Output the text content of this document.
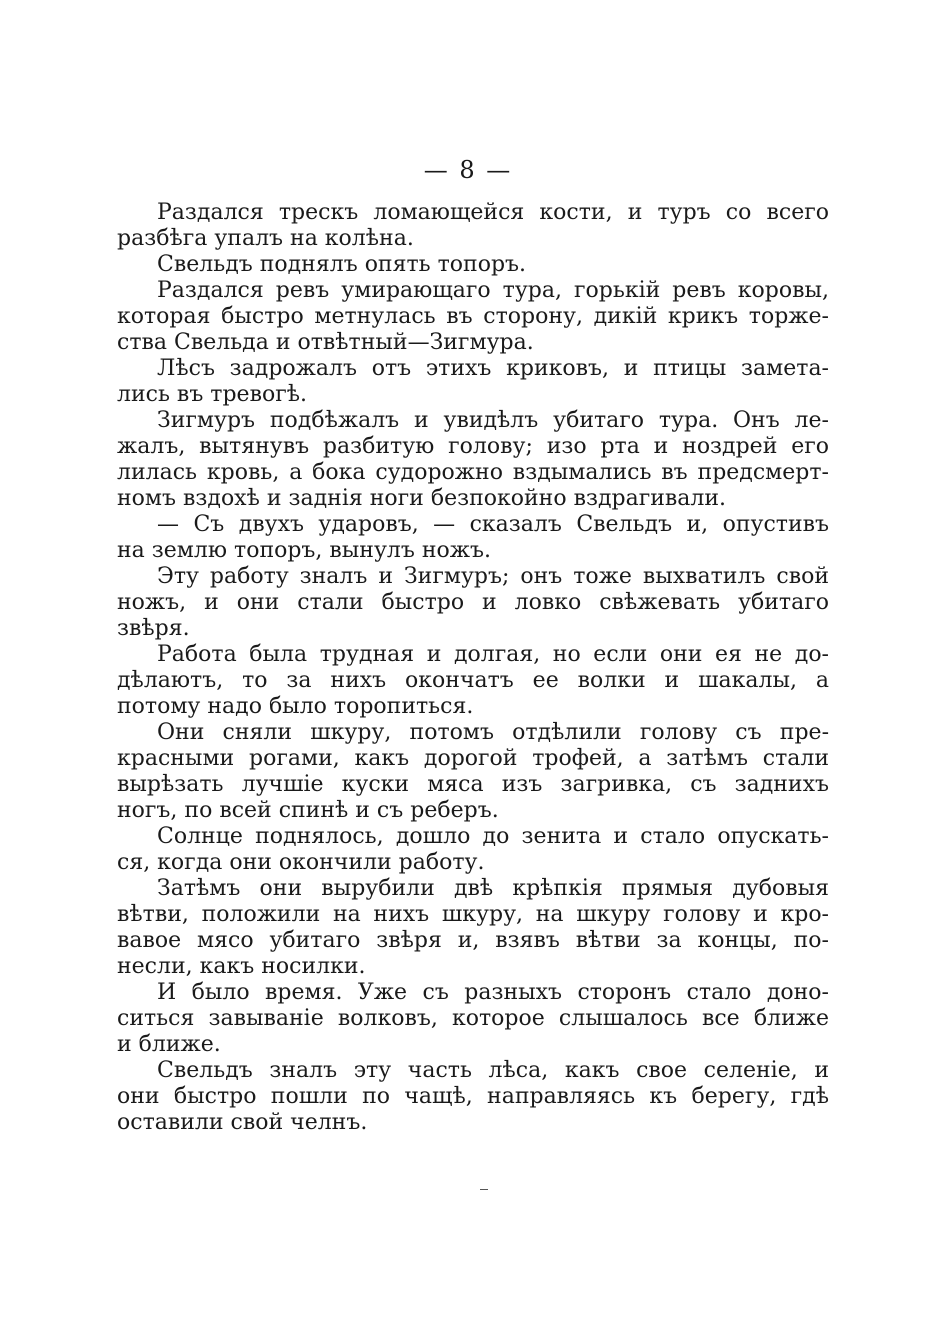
— 8 —
Раздался трескъ ломающейся кости, и туръ со всего
разбѣга упалъ на колѣна.
Свельдъ поднялъ опять топоръ.
Раздался ревъ умирающаго тура, горькій ревъ коровы,
которая быстро метнулась въ сторону, дикій крикъ торже-
ства Свельда и отвѣтный—Зигмура.
Лѣсъ задрожалъ отъ этихъ криковъ, и птицы замета-
лись въ тревогѣ.
Зигмуръ подбѣжалъ и увидѣлъ убитаго тура. Онъ ле-
жалъ, вытянувъ разбитую голову; изо рта и ноздрей его
лилась кровь, а бока судорожно вздымались въ предсмерт-
номъ вздохѣ и заднія ноги безпокойно вздрагивали.
— Съ двухъ ударовъ, — сказалъ Свельдъ и, опустивъ
на землю топоръ, вынулъ ножъ.
Эту работу зналъ и Зигмуръ; онъ тоже выхватилъ свой
ножъ, и они стали быстро и ловко свѣжевать убитаго
звѣря.
Работа была трудная и долгая, но если они ея не до-
дѣлаютъ, то за нихъ окончатъ ее волки и шакалы, а
потому надо было торопиться.
Они сняли шкуру, потомъ отдѣлили голову съ пре-
красными рогами, какъ дорогой трофей, а затѣмъ стали
вырѣзать лучшіе куски мяса изъ загривка, съ заднихъ
ногъ, по всей спинѣ и съ реберъ.
Солнце поднялось, дошло до зенита и стало опускать-
ся, когда они окончили работу.
Затѣмъ они вырубили двѣ крѣпкія прямыя дубовыя
вѣтви, положили на нихъ шкуру, на шкуру голову и кро-
вавое мясо убитаго звѣря и, взявъ вѣтви за концы, по-
несли, какъ носилки.
И было время. Уже съ разныхъ сторонъ стало доно-
ситься завываніе волковъ, которое слышалось все ближе
и ближе.
Свельдъ зналъ эту часть лѣса, какъ свое селеніе, и
они быстро пошли по чащѣ, направляясь къ берегу, гдѣ
оставили свой челнъ.
